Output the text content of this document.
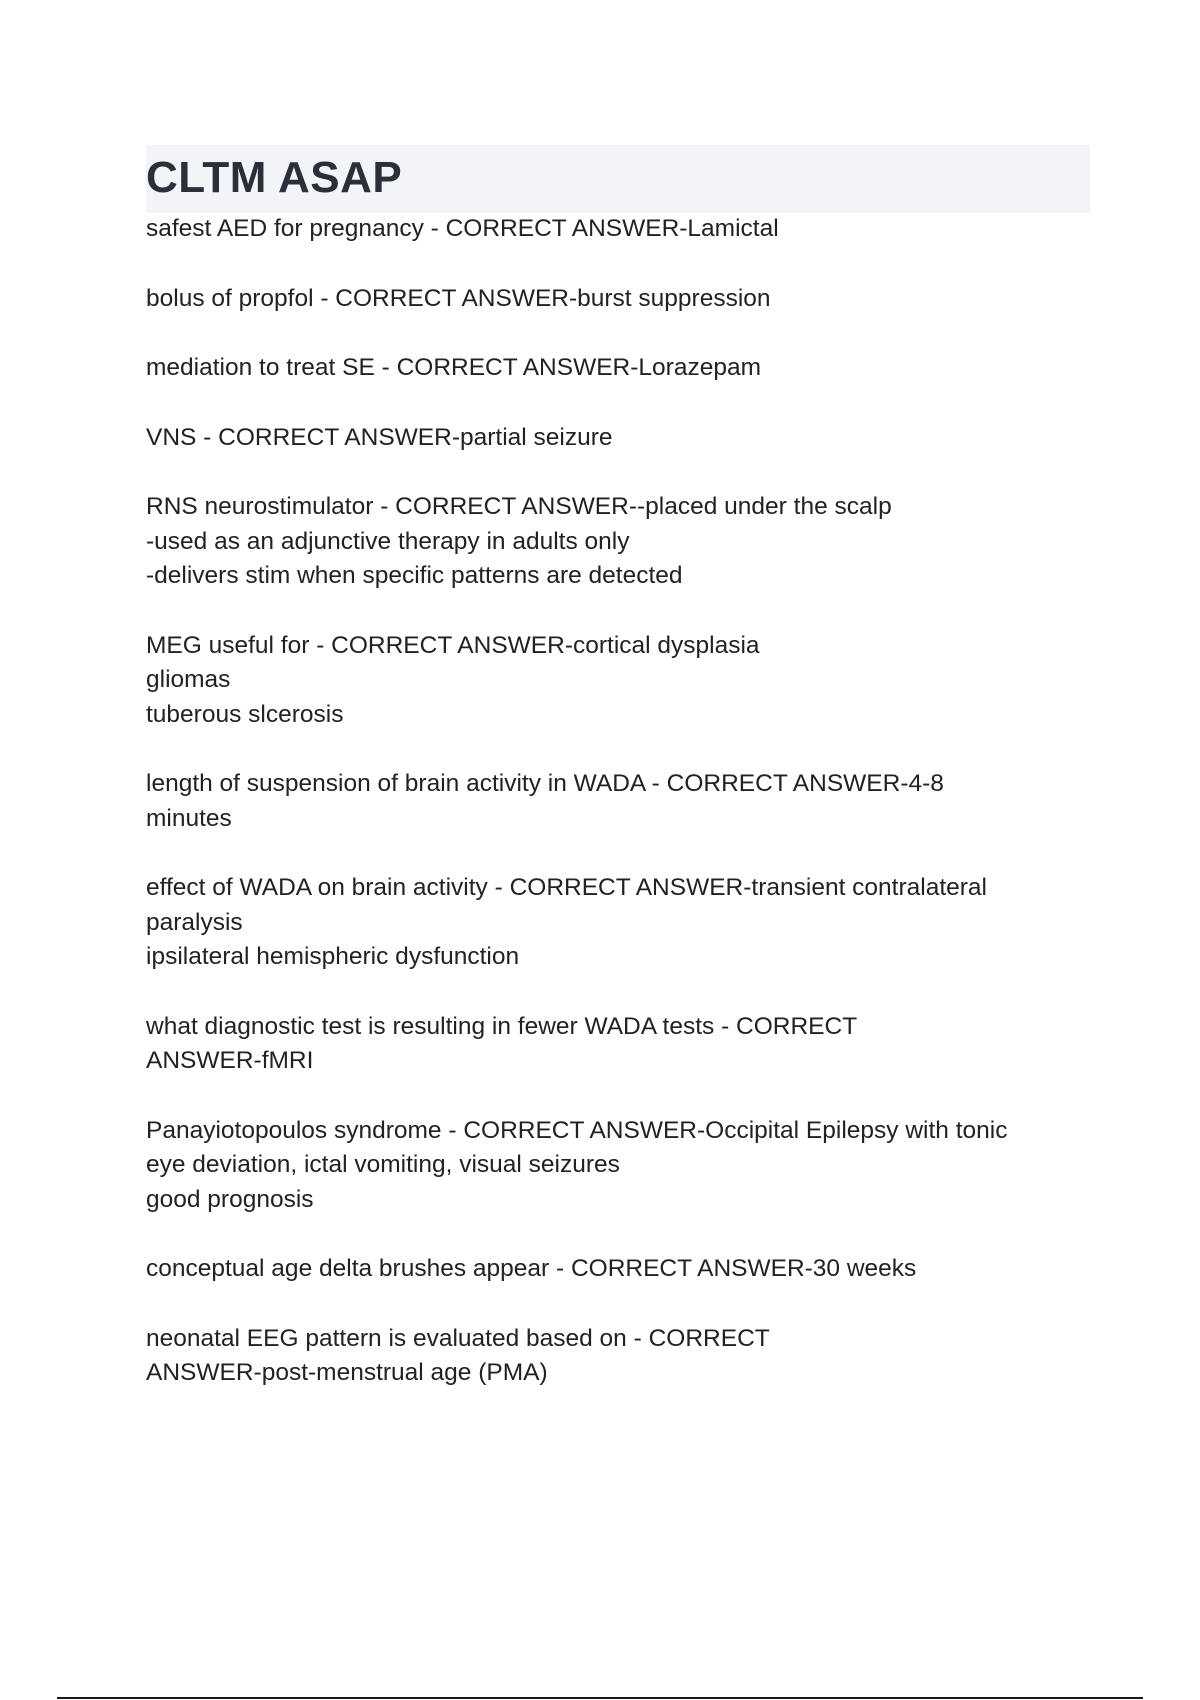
CLTM ASAP
safest AED for pregnancy - CORRECT ANSWER-Lamictal
bolus of propfol - CORRECT ANSWER-burst suppression
mediation to treat SE - CORRECT ANSWER-Lorazepam
VNS - CORRECT ANSWER-partial seizure
RNS neurostimulator - CORRECT ANSWER--placed under the scalp
-used as an adjunctive therapy in adults only
-delivers stim when specific patterns are detected
MEG useful for - CORRECT ANSWER-cortical dysplasia
gliomas
tuberous slcerosis
length of suspension of brain activity in WADA - CORRECT ANSWER-4-8
minutes
effect of WADA on brain activity - CORRECT ANSWER-transient contralateral
paralysis
ipsilateral hemispheric dysfunction
what diagnostic test is resulting in fewer WADA tests - CORRECT
ANSWER-fMRI
Panayiotopoulos syndrome - CORRECT ANSWER-Occipital Epilepsy with tonic
eye deviation, ictal vomiting, visual seizures
good prognosis
conceptual age delta brushes appear - CORRECT ANSWER-30 weeks
neonatal EEG pattern is evaluated based on - CORRECT
ANSWER-post-menstrual age (PMA)
